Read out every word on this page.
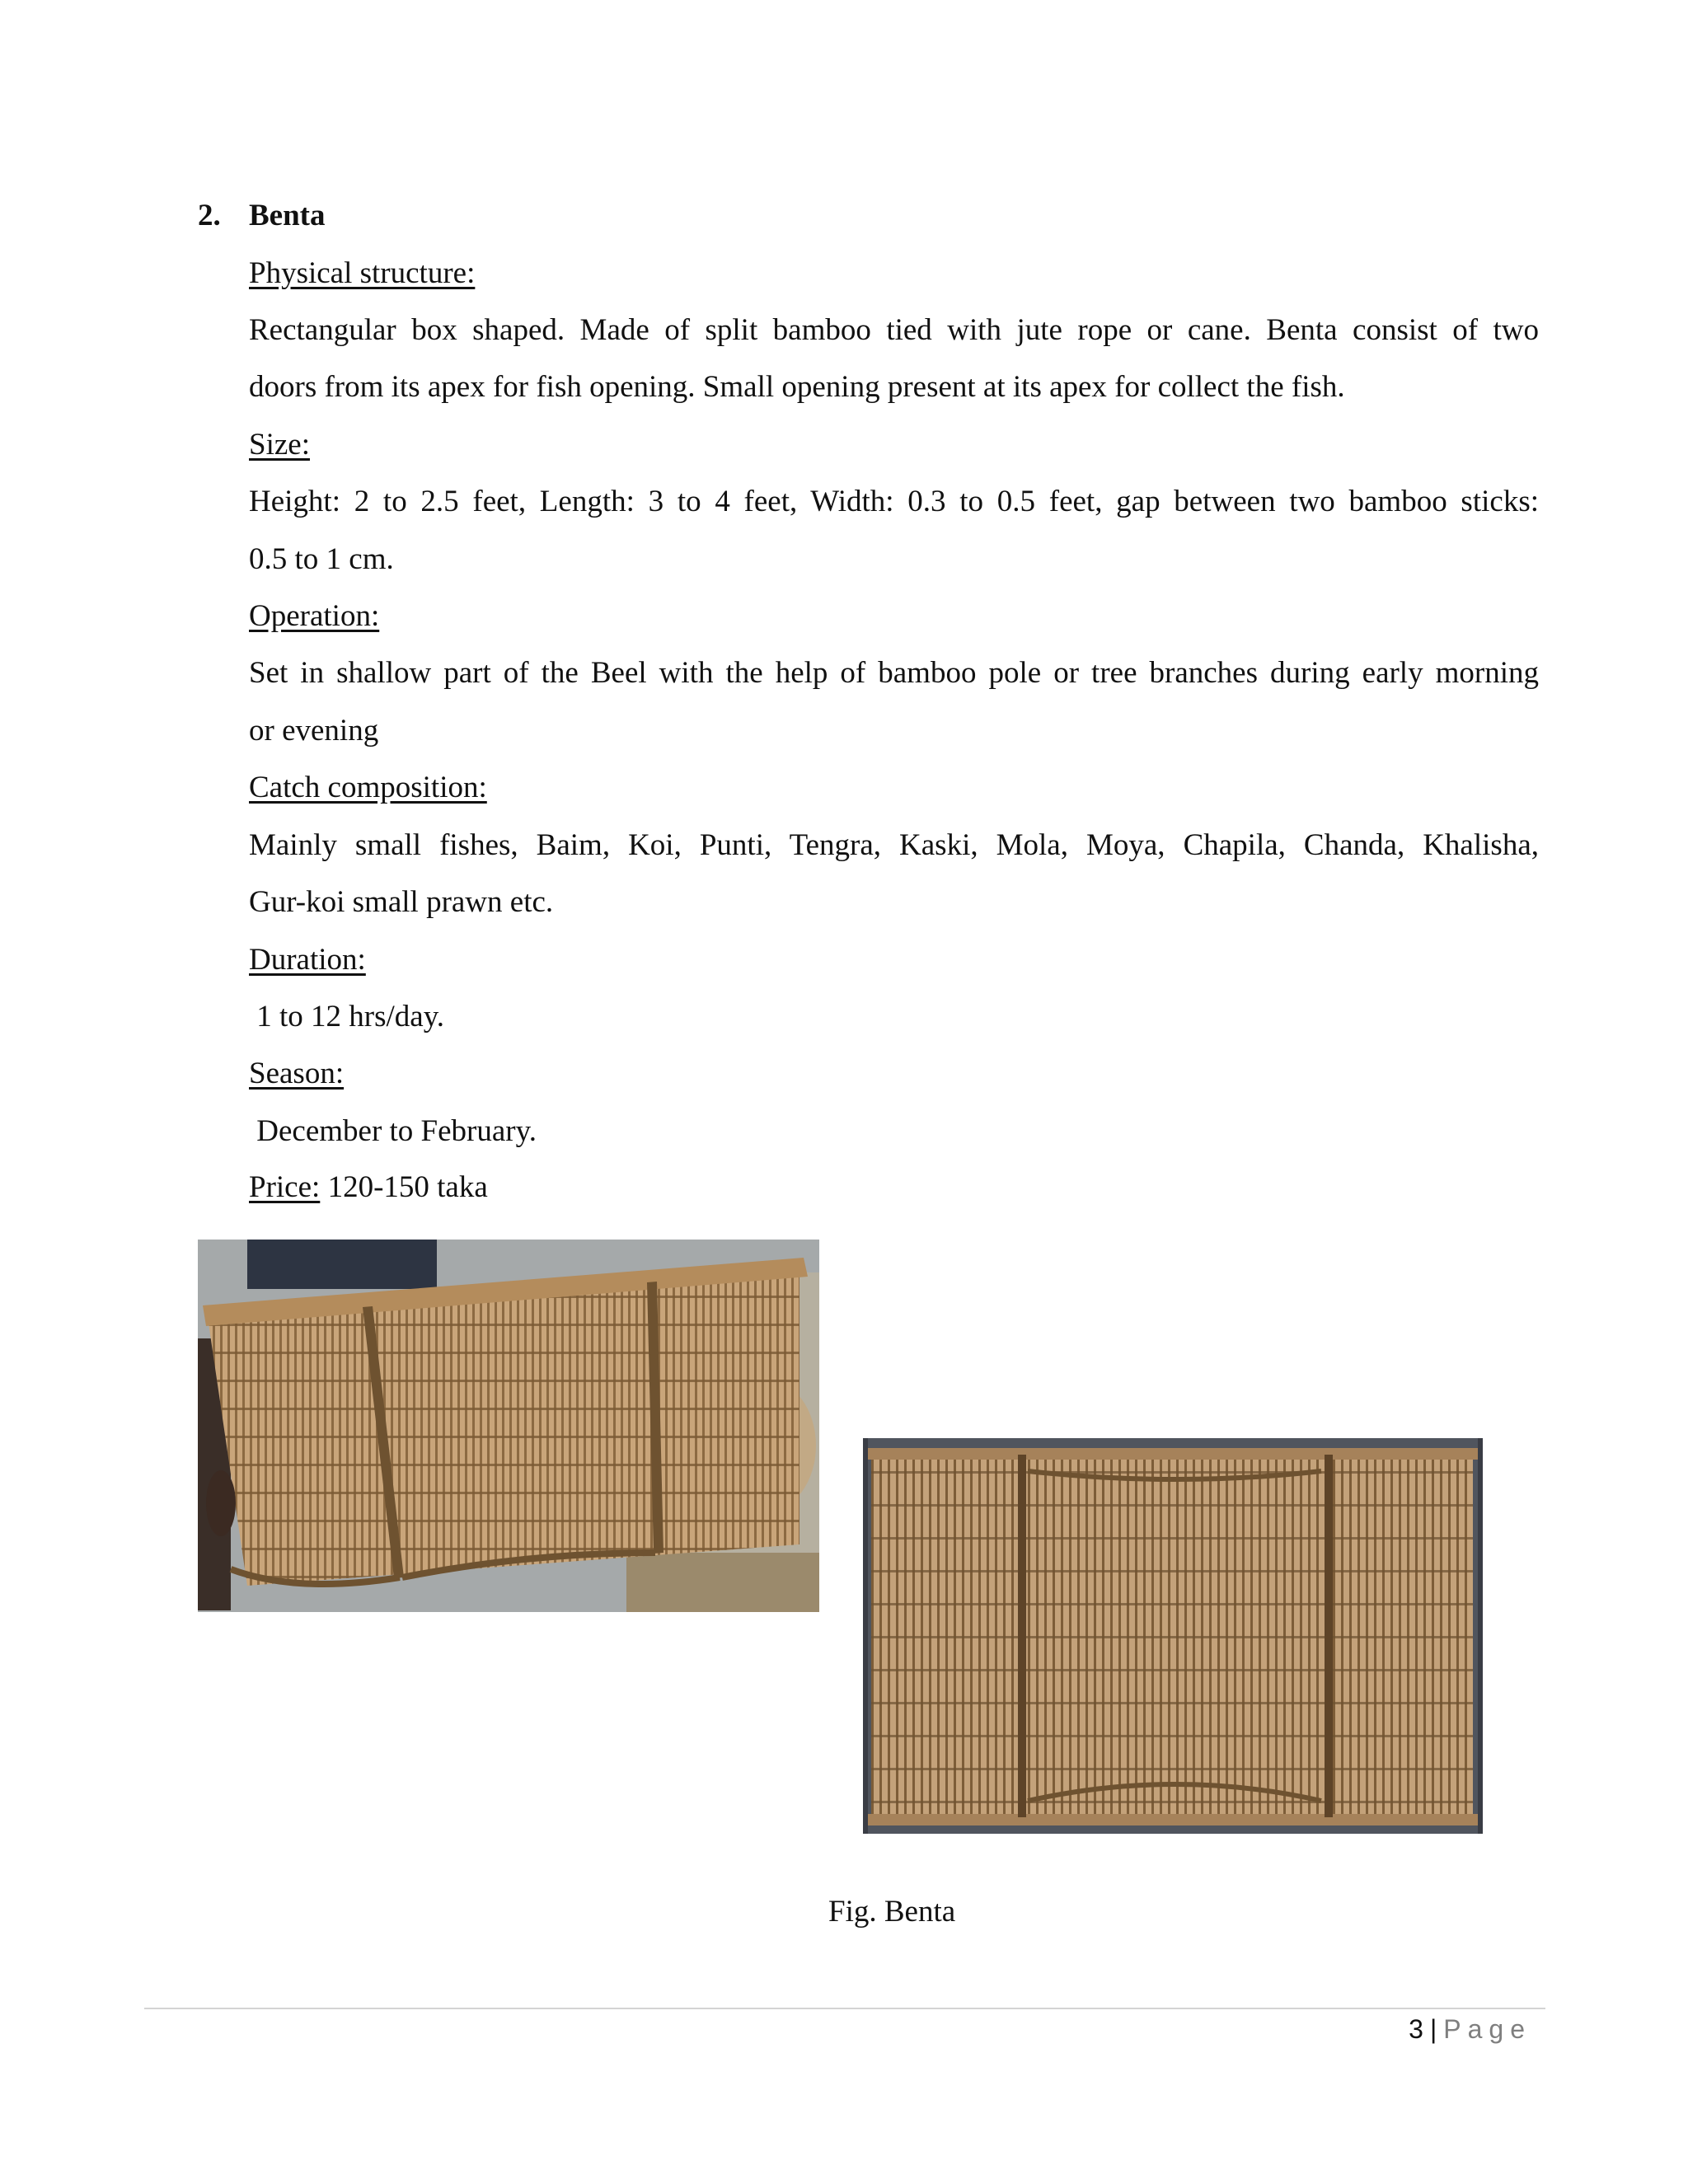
2. Benta
Physical structure:
Rectangular box shaped. Made of split bamboo tied with jute rope or cane. Benta consist of two
doors from its apex for fish opening. Small opening present at its apex for collect the fish.
Size:
Height: 2 to 2.5 feet, Length: 3 to 4 feet, Width: 0.3 to 0.5 feet, gap between two bamboo sticks:
0.5 to 1 cm.
Operation:
Set in shallow part of the Beel with the help of bamboo pole or tree branches during early morning
or evening
Catch composition:
Mainly small fishes, Baim, Koi, Punti, Tengra, Kaski, Mola, Moya, Chapila, Chanda, Khalisha,
Gur-koi small prawn etc.
Duration:
1 to 12 hrs/day.
Season:
December to February.
Price: 120-150 taka
Fig. Benta
3 | Page
